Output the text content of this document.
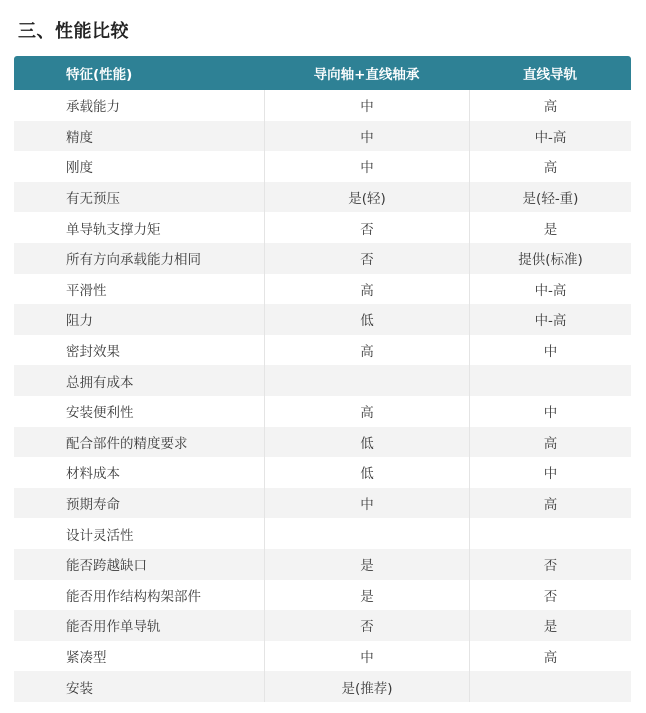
三、性能比较
特征(性能)	导向轴+直线轴承	直线导轨
承载能力	中	高
精度	中	中-高
刚度	中	高
有无预压	是(轻)	是(轻-重)
单导轨支撑力矩	否	是
所有方向承载能力相同	否	提供(标准)
平滑性	高	中-高
阻力	低	中-高
密封效果	高	中
总拥有成本
安装便利性	高	中
配合部件的精度要求	低	高
材料成本	低	中
预期寿命	中	高
设计灵活性
能否跨越缺口	是	否
能否用作结构构架部件	是	否
能否用作单导轨	否	是
紧凑型	中	高
安装	是(推荐)
